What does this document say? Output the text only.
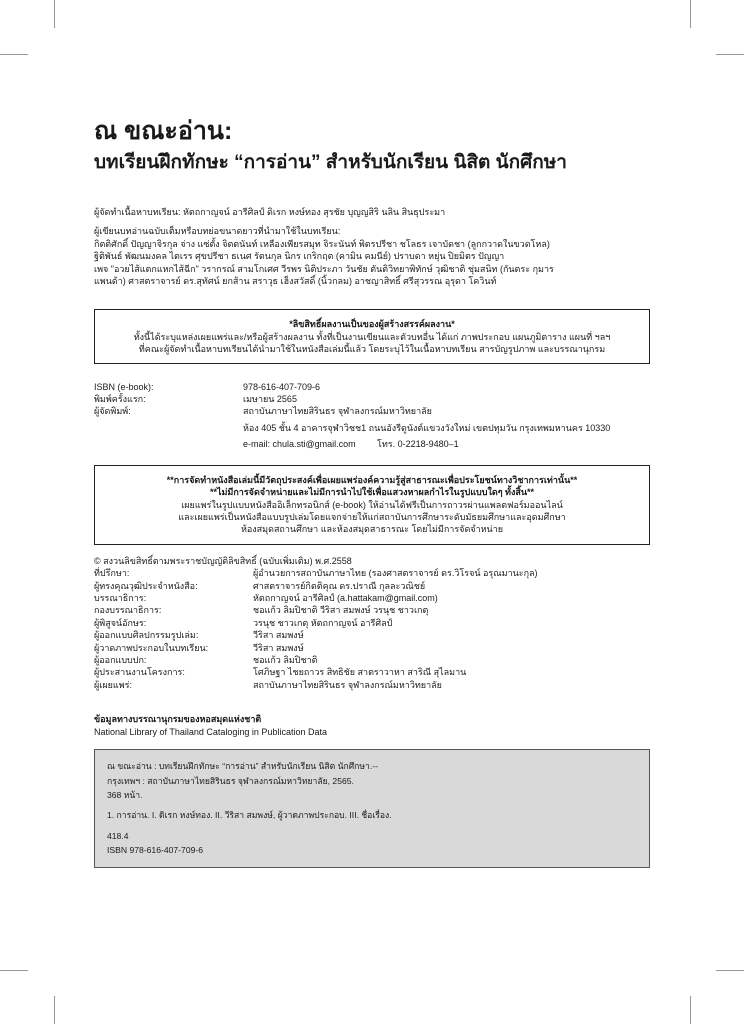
ณ ขณะอ่าน:
บทเรียนฝึกทักษะ “การอ่าน” สำหรับนักเรียน นิสิต นักศึกษา

ผู้จัดทำเนื้อหาบทเรียน: หัตถกาญจน์ อารีศิลป์ ดิเรก หงษ์ทอง สุรชัย บุญญสิริ นลิน สินธุประมา

ผู้เขียนบทอ่านฉบับเต็มหรือบทย่อขนาดยาวที่นำมาใช้ในบทเรียน:

กิตติศักดิ์ ปัญญาจิรกุล จ่าง แซ่ตั้ง จิตตนันท์ เหลืองเพียรสมุท จิระนันท์ พิตรปรีชา ชโลธร เจาบัดชา (ลูกกวาดในขวดโหล)

ฐิติพันธ์ พัฒนมงคล ไตเรร ศุขปรีชา ธเนศ รัตนกุล นิกร เกริกฤต (คามิน คมนีย์) ปราบดา หยุ่น ปิยมิตร ปัญญา

เพจ "อวยไส้แตกแหกไส้ฉีก" วรากรณ์ สามโกเศศ วีรพร นิติประภา วันชัย ตันติวิทยาพิทักษ์ วุฒิชาติ ชุ่มสนิท (กันตระ กุมาร

แพนด้า) ศาสตราจารย์ ดร.สุทัศน์ ยกส้าน สราวุธ เฮ็งสวัสดิ์ (นิ้วกลม) อาชญาสิทธิ์ ศรีสุวรรณ อุรุดา โควินท์

*ลิขสิทธิ์ผลงานเป็นของผู้สร้างสรรค์ผลงาน*

ทั้งนี้ได้ระบุแหล่งเผยแพร่และ/หรือผู้สร้างผลงาน ทั้งที่เป็นงานเขียนและตัวบทอื่น ได้แก่ ภาพประกอบ แผนภูมิตาราง แผนที่ ฯลฯ

ที่คณะผู้จัดทำเนื้อหาบทเรียนได้นำมาใช้ในหนังสือเล่มนี้แล้ว โดยระบุไว้ในเนื้อหาบทเรียน สารบัญรูปภาพ และบรรณานุกรม

ISBN (e-book):	978-616-407-709-6
พิมพ์ครั้งแรก:	เมษายน 2565
ผู้จัดพิมพ์:	สถาบันภาษาไทยสิรินธร จุฬาลงกรณ์มหาวิทยาลัย
ห้อง 405 ชั้น 4 อาคารจุฬาวิชช1 ถนนอังรีดูนังต์แขวงวังใหม่ เขตปทุมวัน กรุงเทพมหานคร 10330
e-mail: chula.sti@gmail.com	โทร. 0-2218-9480–1

**การจัดทำหนังสือเล่มนี้มีวัตถุประสงค์เพื่อเผยแพร่องค์ความรู้สู่สาธารณะเพื่อประโยชน์ทางวิชาการเท่านั้น**

**ไม่มีการจัดจำหน่ายและไม่มีการนำไปใช้เพื่อแสวงหาผลกำไรในรูปแบบใดๆ ทั้งสิ้น**

เผยแพร่ในรูปแบบหนังสืออิเล็กทรอนิกส์ (e-book) ให้อ่านได้ฟรีเป็นการถาวรผ่านแพลตฟอร์มออนไลน์

และเผยแพร่เป็นหนังสือแบบรูปเล่มโดยแจกจ่ายให้แก่สถาบันการศึกษาระดับมัธยมศึกษาและอุดมศึกษา

ห้องสมุดสถานศึกษา และห้องสมุดสาธารณะ โดยไม่มีการจัดจำหน่าย

© สงวนลิขสิทธิ์ตามพระราชบัญญัติลิขสิทธิ์ (ฉบับเพิ่มเติม) พ.ศ.2558

ที่ปรึกษา:	ผู้อำนวยการสถาบันภาษาไทย (รองศาสตราจารย์ ดร.วิโรจน์ อรุณมานะกุล)
ผู้ทรงคุณวุฒิประจำหนังสือ:	ศาสตราจารย์กิตติคุณ ดร.ปราณี กุลละวณิชย์
บรรณาธิการ:	หัตถกาญจน์ อารีศิลป์ (a.hattakam@gmail.com)
กองบรรณาธิการ:	ชอแก้ว ลิมปิชาติ วีริสา สมพงษ์ วรนุช ชาวเกตุ
ผู้พิสูจน์อักษร:	วรนุช ชาวเกตุ หัตถกาญจน์ อารีศิลป์
ผู้ออกแบบศิลปกรรมรูปเล่ม:	วีริสา สมพงษ์
ผู้วาดภาพประกอบในบทเรียน:	วีริสา สมพงษ์
ผู้ออกแบบปก:	ชอแก้ว ลิมปิชาติ
ผู้ประสานงานโครงการ:	โศภิษฐา ไชยถาวร สิทธิชัย สาตราวาหา สาริณี สุไลมาน
ผู้เผยแพร่:	สถาบันภาษาไทยสิรินธร จุฬาลงกรณ์มหาวิทยาลัย
ข้อมูลทางบรรณานุกรมของหอสมุดแห่งชาติ
National Library of Thailand Cataloging in Publication Data

ณ ขณะอ่าน : บทเรียนฝึกทักษะ “การอ่าน” สำหรับนักเรียน นิสิต นักศึกษา.--

กรุงเทพฯ : สถาบันภาษาไทยสิรินธร จุฬาลงกรณ์มหาวิทยาลัย, 2565.

368 หน้า.

1. การอ่าน. I. ดิเรก หงษ์ทอง. II. วีริสา สมพงษ์, ผู้วาดภาพประกอบ. III. ชื่อเรื่อง.

418.4

ISBN 978-616-407-709-6
